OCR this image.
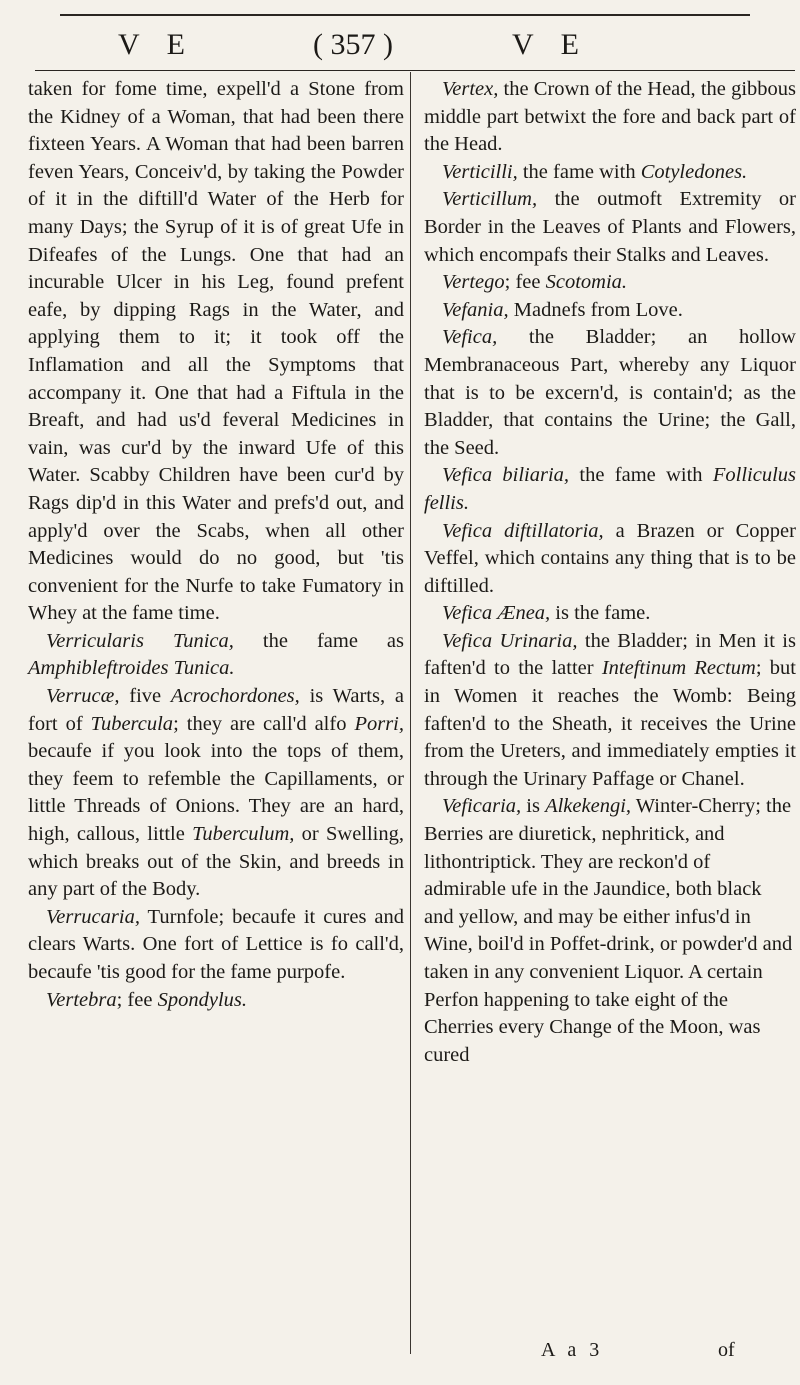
V E	( 357 )	V E

taken for fome time, expell'd a Stone from the Kidney of a Woman, that had been there fixteen Years. A Woman that had been barren feven Years, Conceiv'd, by taking the Powder of it in the diftill'd Water of the Herb for many Days; the Syrup of it is of great Ufe in Difeafes of the Lungs. One that had an incurable Ulcer in his Leg, found prefent eafe, by dipping Rags in the Water, and applying them to it; it took off the Inflamation and all the Symptoms that accompany it. One that had a Fiftula in the Breaft, and had us'd feveral Medicines in vain, was cur'd by the inward Ufe of this Water. Scabby Children have been cur'd by Rags dip'd in this Water and prefs'd out, and apply'd over the Scabs, when all other Medicines would do no good, but 'tis convenient for the Nurfe to take Fumatory in Whey at the fame time.

Verricularis Tunica, the fame as Amphibleftroides Tunica.

Verrucæ, five Acrochordones, is Warts, a fort of Tubercula; they are call'd alfo Porri, becaufe if you look into the tops of them, they feem to refemble the Capillaments, or little Threads of Onions. They are an hard, high, callous, little Tuberculum, or Swelling, which breaks out of the Skin, and breeds in any part of the Body.

Verrucaria, Turnfole; becaufe it cures and clears Warts. One fort of Lettice is fo call'd, becaufe 'tis good for the fame purpofe.

Vertebra; fee Spondylus.

Vertex, the Crown of the Head, the gibbous middle part betwixt the fore and back part of the Head.

Verticilli, the fame with Cotyledones.

Verticillum, the outmoft Extremity or Border in the Leaves of Plants and Flowers, which encompafs their Stalks and Leaves.

Vertego; fee Scotomia.

Vefania, Madnefs from Love.

Vefica, the Bladder; an hollow Membranaceous Part, whereby any Liquor that is to be excern'd, is contain'd; as the Bladder, that contains the Urine; the Gall, the Seed.

Vefica biliaria, the fame with Folliculus fellis.

Vefica diftillatoria, a Brazen or Copper Veffel, which contains any thing that is to be diftilled.

Vefica Ænea, is the fame.

Vefica Urinaria, the Bladder; in Men it is faften'd to the latter Inteftinum Rectum; but in Women it reaches the Womb: Being faften'd to the Sheath, it receives the Urine from the Ureters, and immediately empties it through the Urinary Paffage or Chanel.

Veficaria, is Alkekengi, Winter-Cherry; the Berries are diuretick, nephritick, and lithontriptick. They are reckon'd of admirable ufe in the Jaundice, both black and yellow, and may be either infus'd in Wine, boil'd in Poffet-drink, or powder'd and taken in any convenient Liquor. A certain Perfon happening to take eight of the Cherries every Change of the Moon, was cured

A a 3	of
